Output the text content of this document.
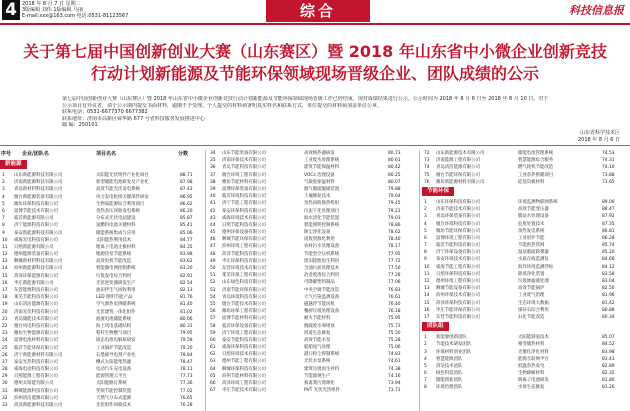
4	2018 年 8 月 7 日 星期二
3版编辑 刘伟 1版编辑 马丽
E-mail:xxx@163.com 电话:0531-81123567	综合	科技信息报
关于第七届中国创新创业大赛（山东赛区）暨 2018 年山东省中小微企业创新竞技
行动计划新能源及节能环保领域现场晋级企业、团队成绩的公示
第七届中国创新创业大赛（山东赛区）暨 2018 年山东省中小微企业创新竞技行动计划新能源及节能环保领域现场晋级工作已经结束，现对成绩结果进行公示。公示时间为 2018 年 8 月 6 日至 2018 年 8 月 10 日。对于
公示项目有异议者，请于公示期内提交书面材料，逾期不予受理。个人提交的材料须署明真实姓名和联系方式，单位提交的材料须加盖单位公章。
联系电话：0531-6677370 6677382
联系地址：济南市高新区舜华路 677 号省科技服务发展推进中心
邮 编：250101
山东省科学技术厅
2018 年 8 月 6 日
序号 企业/团队名	项目名名	分数
新能源
1	山东新能源科技有限公司	太阳能光伏组件产业化项目	88.71
2	济南新能源科技有限公司	新型储能电池研发及产业化	87.98
3	青岛新材料科技有限公司	高效节能光伏发电系统	87.43
4	烟台新能源装备有限公司	风力发电机组关键部件研发	86.95
5	潍坊环保科技有限公司	生物质能源综合利用项目	86.62
6	淄博节能技术有限公司	余热余压回收发电系统	86.20
7	临沂新能源有限公司	分布式光伏电站建设	85.87
8	济宁能源科技有限公司	氢燃料电池关键材料	85.41
9	泰安新能源科技有限公司	储能系统集成与应用	85.06
10	威海光电科技有限公司	太阳能热利用技术	84.77
11	日照新能源有限公司	锂离子电池正极材料	84.35
12	德州能源装备有限公司	地源热泵节能系统	83.98
13	聊城新材料科技有限公司	高效电机节能改造	83.62
14	滨州新能源科技有限公司	智能微电网控制系统	83.20
15	菏泽环保能源有限公司	垃圾发电综合利用	82.91
16	枣庄新能源有限公司	光伏逆变器研发生产	82.54
17	东营能源科技有限公司	油田伴生气回收利用	82.13
18	莱芜节能科技有限公司	LED 照明节能产品	81.76
19	山东清洁能源有限公司	空气源热泵供暖系统	81.40
20	济南光伏科技有限公司	光伏建筑一体化组件	81.02
21	青岛储能技术有限公司	液流电池储能系统	80.66
22	烟台风电科技有限公司	海上风电基础结构	80.31
23	潍坊生物能源有限公司	秸秆生物燃气项目	79.95
24	淄博电池材料有限公司	固态电池电解质研发	79.58
25	临沂节能环保有限公司	工业锅炉节能改造	79.20
26	济宁新能源材料有限公司	石墨烯导电剂产业化	78.84
27	泰安光热科技有限公司	槽式太阳能集热器	78.47
28	威海电动科技有限公司	电动汽车充电设备	78.11
29	日照能源工程有限公司	能源管理云平台	77.73
30	德州太阳能有限公司	太阳能路灯系统	77.36
31	聊城能源科技有限公司	变频节能控制装置	77.02
32	滨州清洁能源有限公司	天然气分布式能源	76.65
33	菏泽新能源科技有限公司	光伏组件回收技术	76.28
34	山东节能装备有限公司	高效换热器研发	80.73
35	济南环保技术有限公司	工业废水处理系统	80.61
36	青岛节能科技有限公司	建筑节能保温材料	80.42
37	烟台环境工程有限公司	VOCs 治理设备	80.25
38	潍坊节能材料有限公司	气凝胶保温材料	80.07
39	淄博环保装备有限公司	烟气脱硫脱硝装置	79.88
40	临沂环境科技有限公司	土壤修复技术	79.64
41	济宁节能工程有限公司	余热回收换热机组	79.45
42	泰安环保科技有限公司	污泥干化处理项目	79.21
43	威海环境技术有限公司	海水淡化节能装置	79.03
44	日照节能科技有限公司	智能照明控制系统	78.86
45	德州环保设备有限公司	除尘净化设备	78.62
46	聊城节能环保有限公司	固废资源化利用	78.40
47	滨州环境工程有限公司	农村污水处理设备	78.17
48	菏泽节能科技有限公司	节能型空压机系统	77.95
49	枣庄环保科技有限公司	废旧轮胎再生利用	77.72
50	东营环境技术有限公司	含油污泥处理技术	77.50
51	莱芜环保工程有限公司	冶金废渣综合利用	77.28
52	山东绿色科技有限公司	可降解塑料制品	77.06
53	济南节能环保有限公司	中央空调节能改造	76.83
54	青岛环境科技有限公司	大气污染监测设备	76.61
55	烟台节能技术有限公司	磁悬浮节能风机	76.40
56	潍坊环保工程有限公司	餐厨垃圾处理设备	76.18
57	淄博节能材料有限公司	耐火节能材料	75.95
58	临沂环保设备有限公司	脱硫废水零排放	75.73
59	济宁环境工程有限公司	河道生态修复	75.50
60	泰安节能科技有限公司	高效节能水泵	75.28
61	威海环保科技有限公司	船舶尾气处理	75.06
62	日照环境技术有限公司	港口粉尘抑制系统	74.83
63	德州节能工程有限公司	光伏水泵系统	74.61
64	聊城环保科技有限公司	建筑垃圾再生骨料	74.38
65	滨州节能材料有限公司	节能玻璃生产	74.16
66	菏泽环境工程有限公司	畜禽粪污资源化	73.94
67	枣庄节能技术有限公司	PVT 光伏光热组件	73.71
72	山东新能源技术有限公司	储能电池管理系统	74.53
73	济南能源工程有限公司	智慧能源综合服务	74.31
74	青岛清洁能源有限公司	燃气轮机节能改造	74.10
75	烟台节能环保有限公司	工业余热供暖项目	73.88
76	潍坊新能源材料有限公司	硅基负极材料	73.65
节能环保
1	山东环保科技有限公司	环境监测物联网系统	89.00
2	济南节能技术有限公司	高效节能变压器	88.47
3	青岛环保装备有限公司	膜法水处理设备	87.92
4	烟台环境科技有限公司	危废处置技术	87.35
5	潍坊节能环保有限公司	余热发电系统	86.81
6	淄博环境工程有限公司	工业窑炉节能	86.28
7	临沂节能科技有限公司	节能供热管网	85.74
8	济宁环保设备有限公司	湿法脱硫除雾器	85.20
9	泰安环境技术有限公司	水质在线监测仪	84.66
10	威海节能工程有限公司	海洋环境监测浮标	84.12
11	日照环保科技有限公司	除臭净化装置	83.58
12	德州环境工程有限公司	垃圾渗滤液处理	83.04
13	聊城节能设备有限公司	高效节能锅炉	82.50
14	滨州环保技术有限公司	工业废气治理	81.96
15	菏泽环保科技有限公司	生态环境大数据	81.42
16	枣庄节能环保有限公司	煤矸石综合利用	80.88
17	东营节能科技有限公司	石化节能改造	80.34
团队组
1	新能源创新团队	太阳能制氢技术	85.07
2	节能技术研发团队	相变储热材料	84.52
3	环保材料创业团队	光催化净化材料	83.98
4	智慧能源团队	能源互联网平台	83.43
5	清洁技术团队	低温余热发电	82.89
6	绿色科技团队	生物降解材料	82.35
7	储能创新团队	钠离子电池研发	81.80
8	环境治理团队	水体生态修复	81.26
